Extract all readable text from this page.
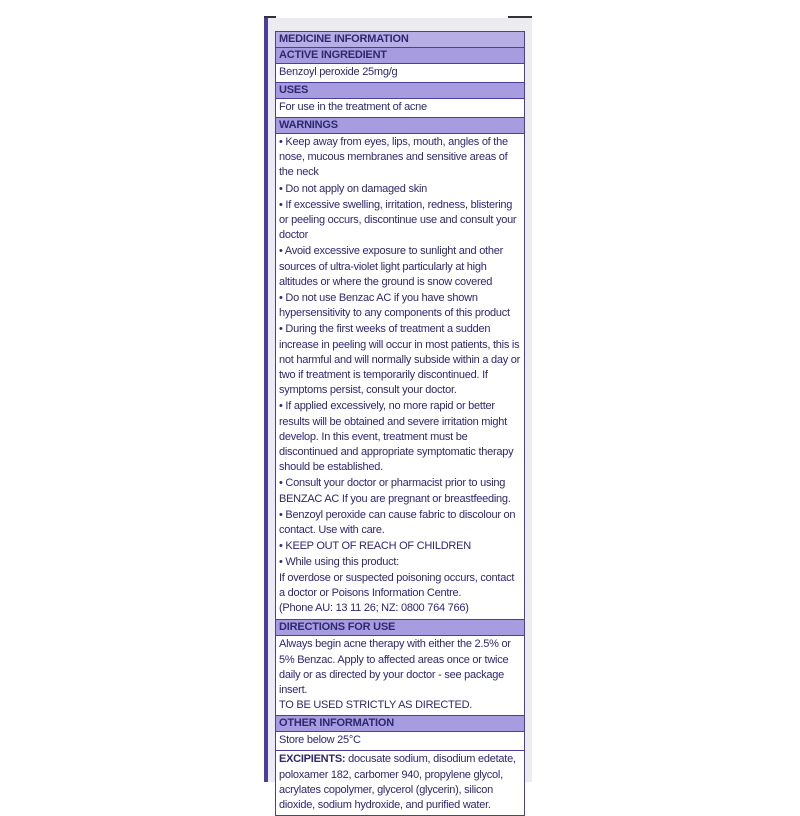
MEDICINE INFORMATION
ACTIVE INGREDIENT
Benzoyl peroxide 25mg/g
USES
For use in the treatment of acne
WARNINGS

• Keep away from eyes, lips, mouth, angles of the nose, mucous membranes and sensitive areas of the neck

• Do not apply on damaged skin

• If excessive swelling, irritation, redness, blistering or peeling occurs, discontinue use and consult your doctor

• Avoid excessive exposure to sunlight and other sources of ultra-violet light particularly at high altitudes or where the ground is snow covered

• Do not use Benzac AC if you have shown hypersensitivity to any components of this product

• During the first weeks of treatment a sudden increase in peeling will occur in most patients, this is not harmful and will normally subside within a day or two if treatment is temporarily discontinued. If symptoms persist, consult your doctor.

• If applied excessively, no more rapid or better results will be obtained and severe irritation might develop. In this event, treatment must be discontinued and appropriate symptomatic therapy should be established.

• Consult your doctor or pharmacist prior to using BENZAC AC If you are pregnant or breastfeeding.

• Benzoyl peroxide can cause fabric to discolour on contact. Use with care.

• KEEP OUT OF REACH OF CHILDREN

• While using this product:

If overdose or suspected poisoning occurs, contact a doctor or Poisons Information Centre.

(Phone AU: 13 11 26; NZ: 0800 764 766)

DIRECTIONS FOR USE

Always begin acne therapy with either the 2.5% or 5% Benzac. Apply to affected areas once or twice daily or as directed by your doctor - see package insert.

TO BE USED STRICTLY AS DIRECTED.

OTHER INFORMATION
Store below 25°C
EXCIPIENTS: docusate sodium, disodium edetate, poloxamer 182, carbomer 940, propylene glycol, acrylates copolymer, glycerol (glycerin), silicon dioxide, sodium hydroxide, and purified water.
